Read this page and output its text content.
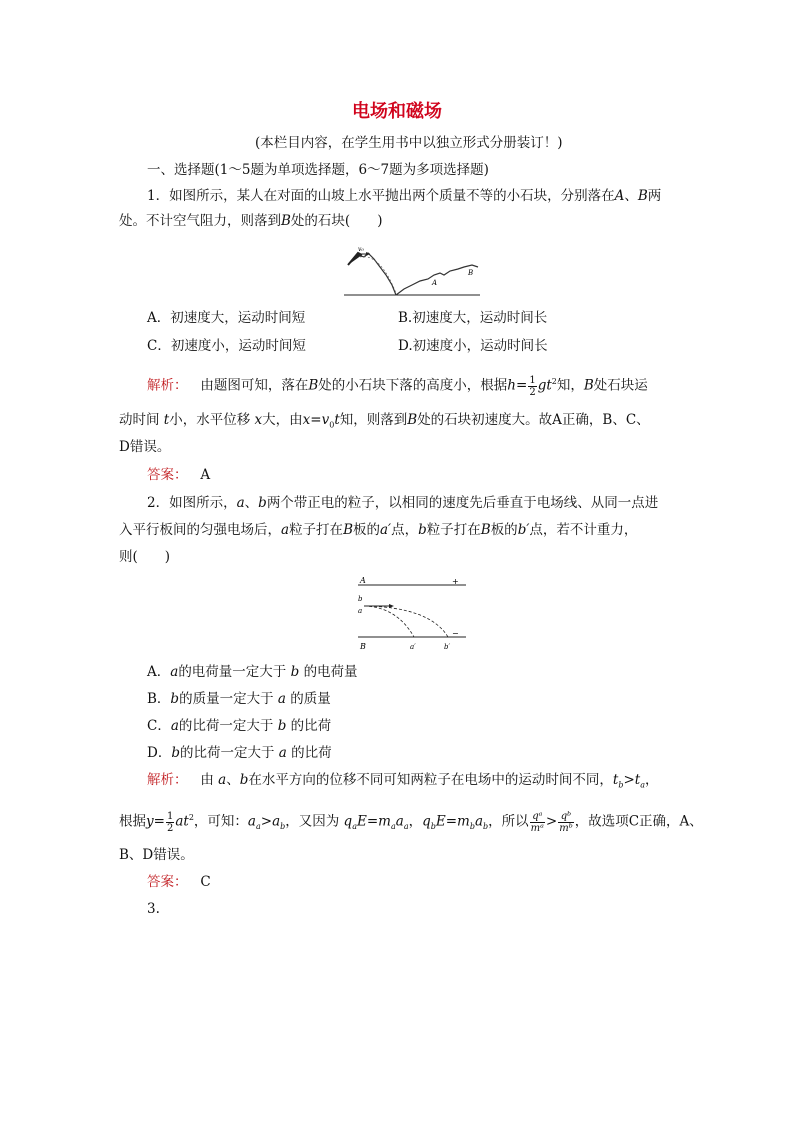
电场和磁场
(本栏目内容，在学生用书中以独立形式分册装订！)
一、选择题(1～5题为单项选择题，6～7题为多项选择题)
1．如图所示，某人在对面的山坡上水平抛出两个质量不等的小石块，分别落在A、B两
处。不计空气阻力，则落到B处的石块(　　)
v₀
A
B
A．初速度大，运动时间短	B.初速度大，运动时间长
C．初速度小，运动时间短	D.初速度小，运动时间长
解析： 由题图可知，落在B处的小石块下落的高度小，根据$h= \frac{1}{2} gt^2$知，B处石块运
动时间 t小，水平位移 x大，由$x=v_0t$知，则落到B处的石块初速度大。故A正确，B、C、
D错误。
答案： A
2．如图所示，a、b两个带正电的粒子，以相同的速度先后垂直于电场线、从同一点进
入平行板间的匀强电场后，a粒子打在B板的a′点，b粒子打在B板的b′点，若不计重力，
则(　　)
A
B
+
−
b
a
a′	b′
A．a的电荷量一定大于 b 的电荷量
B．b的质量一定大于 a 的质量
C．a的比荷一定大于 b 的比荷
D．b的比荷一定大于 a 的比荷
解析： 由 a、b在水平方向的位移不同可知两粒子在电场中的运动时间不同，$t_b>t_a$，
根据$y= \frac{1}{2} at^2$，可知：$a_a>a_b$，又因为 $q_aE=m_aa_a$，$q_bE=m_ba_b$，所以 $\frac{\text{qᵃ}}{\text{mᵃ}} > \frac{\text{qᵇ}}{\text{mᵇ}}$ ，故选项C正确，A、
B、D错误。
答案： C
3.
